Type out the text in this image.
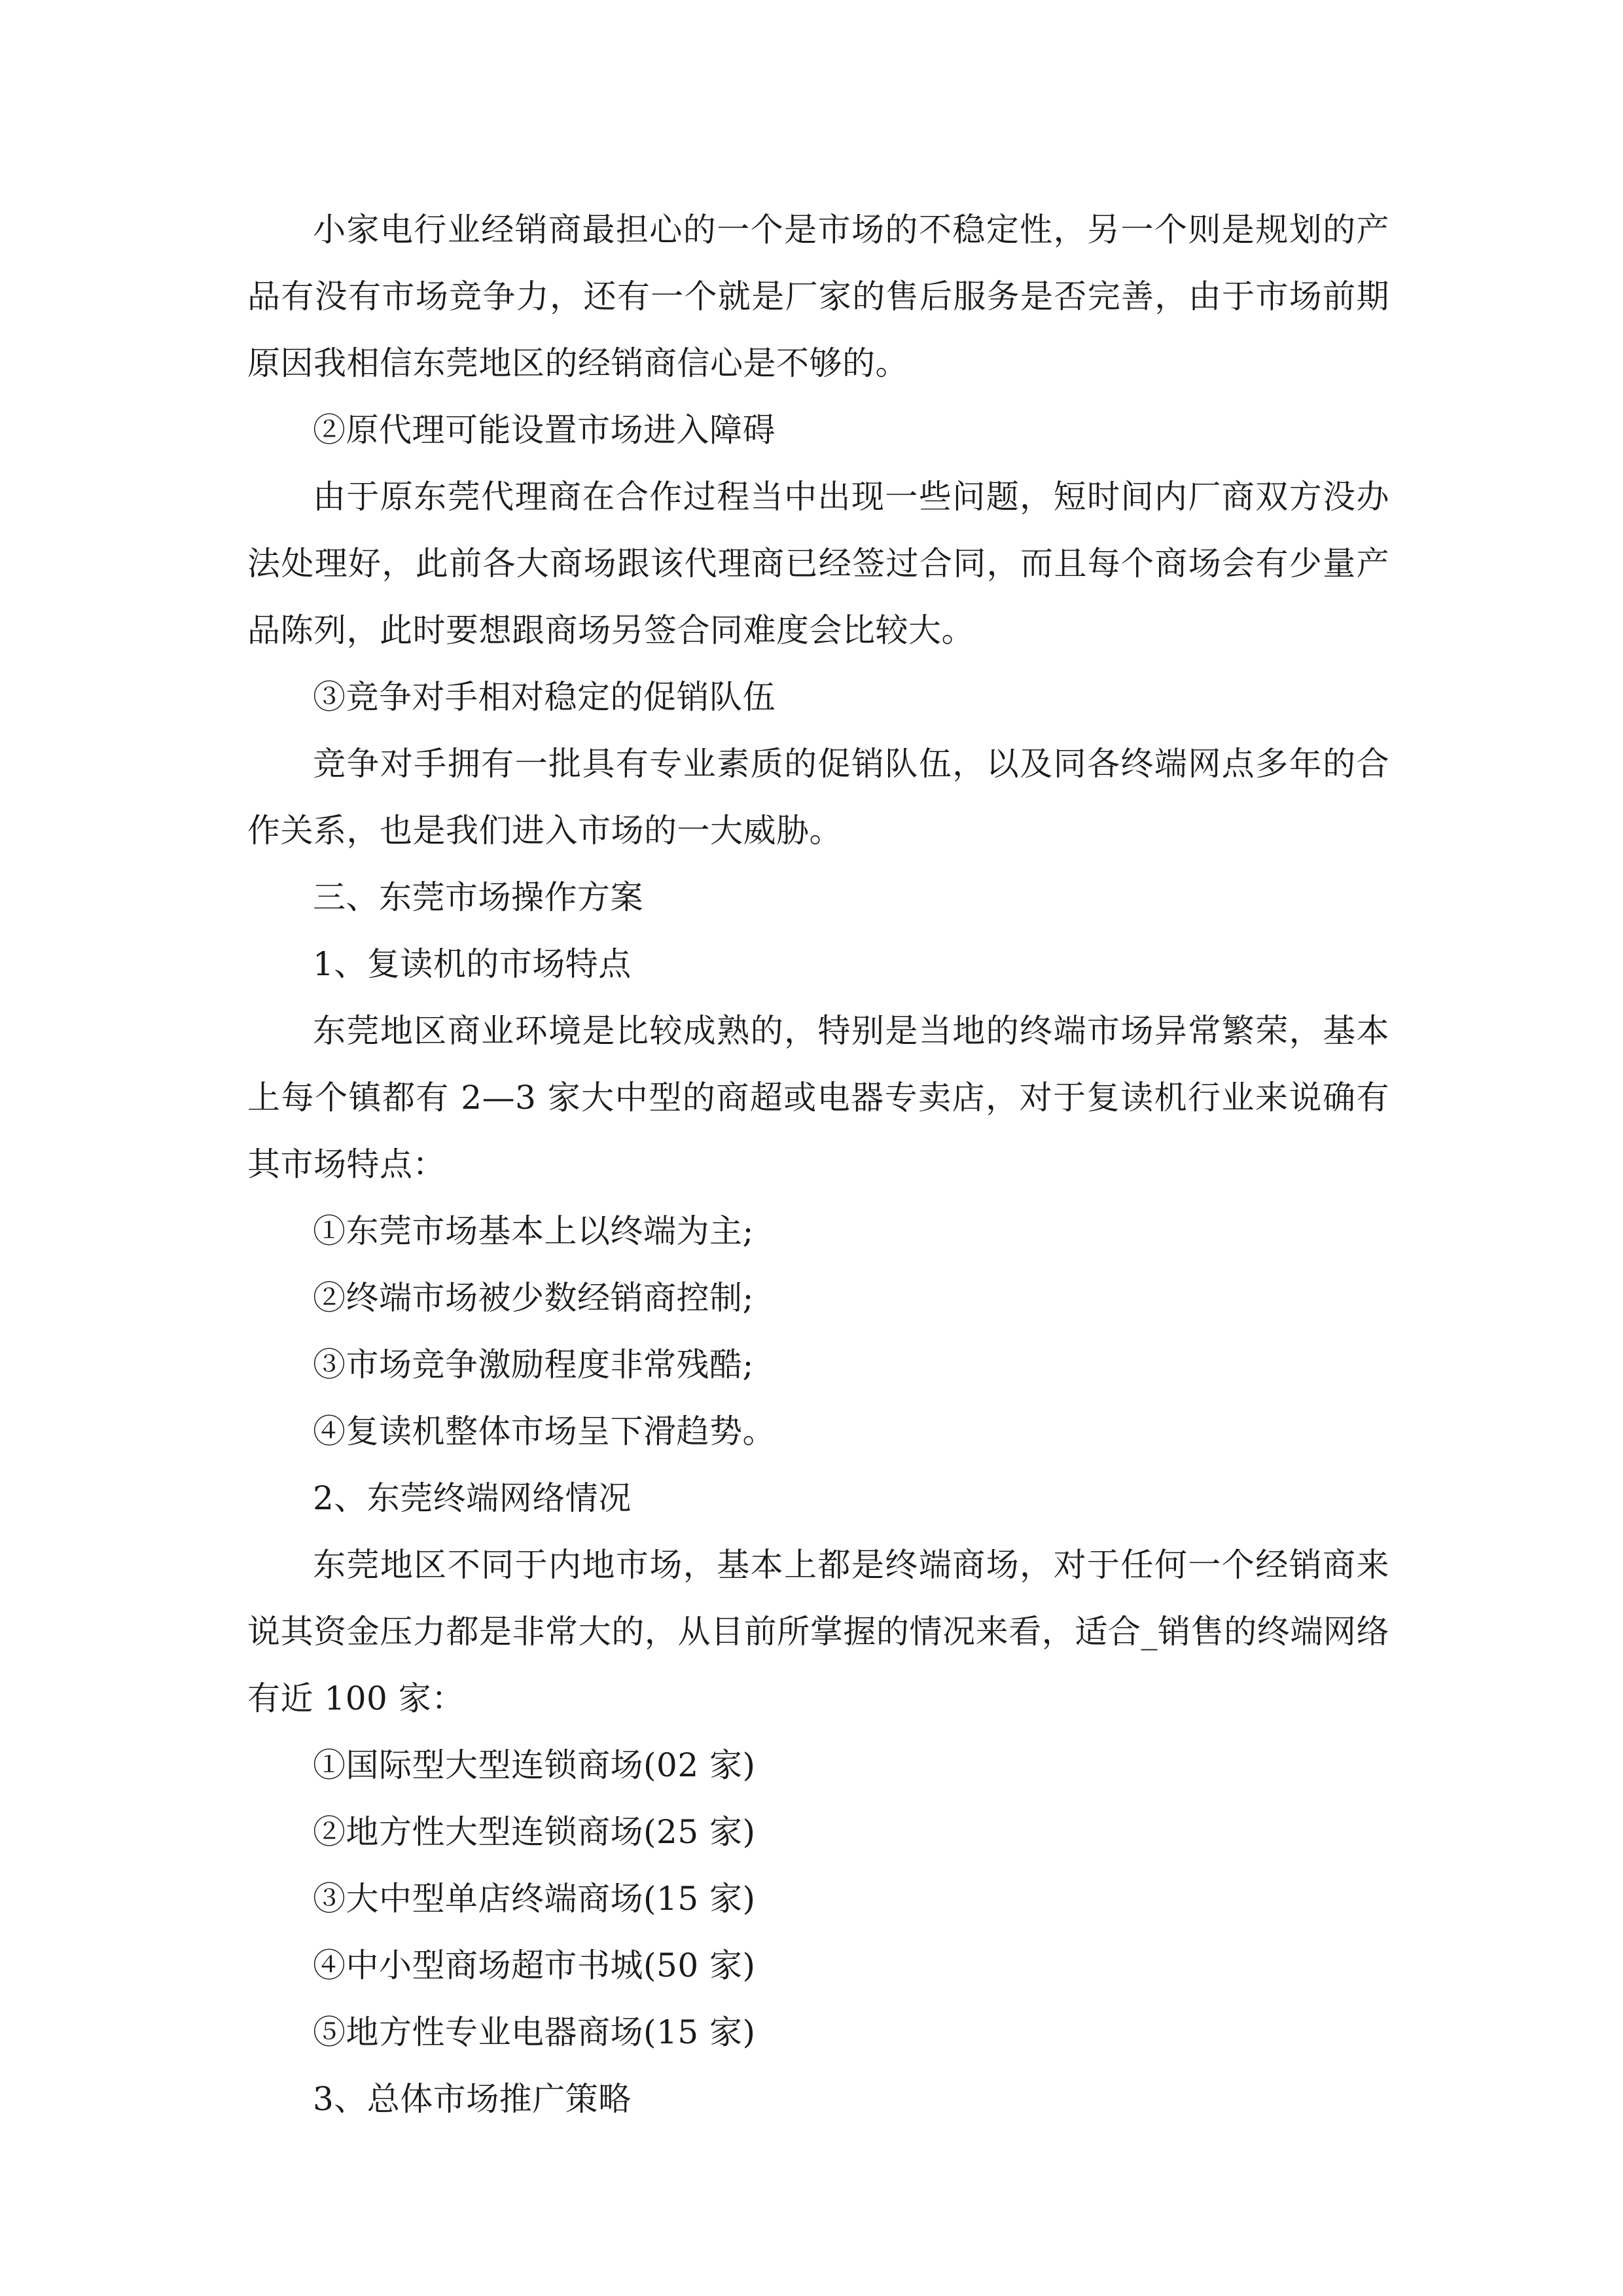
小家电行业经销商最担心的一个是市场的不稳定性，另一个则是规划的产品有没有市场竞争力，还有一个就是厂家的售后服务是否完善，由于市场前期原因我相信东莞地区的经销商信心是不够的。

②原代理可能设置市场进入障碍

由于原东莞代理商在合作过程当中出现一些问题，短时间内厂商双方没办法处理好，此前各大商场跟该代理商已经签过合同，而且每个商场会有少量产品陈列，此时要想跟商场另签合同难度会比较大。

③竞争对手相对稳定的促销队伍

竞争对手拥有一批具有专业素质的促销队伍，以及同各终端网点多年的合作关系，也是我们进入市场的一大威胁。

三、东莞市场操作方案

1、复读机的市场特点

东莞地区商业环境是比较成熟的，特别是当地的终端市场异常繁荣，基本上每个镇都有 2—3 家大中型的商超或电器专卖店，对于复读机行业来说确有其市场特点：

①东莞市场基本上以终端为主;

②终端市场被少数经销商控制;

③市场竞争激励程度非常残酷;

④复读机整体市场呈下滑趋势。

2、东莞终端网络情况

东莞地区不同于内地市场，基本上都是终端商场，对于任何一个经销商来说其资金压力都是非常大的，从目前所掌握的情况来看，适合_销售的终端网络有近 100 家：

①国际型大型连锁商场(02 家)

②地方性大型连锁商场(25 家)

③大中型单店终端商场(15 家)

④中小型商场超市书城(50 家)

⑤地方性专业电器商场(15 家)

3、总体市场推广策略
